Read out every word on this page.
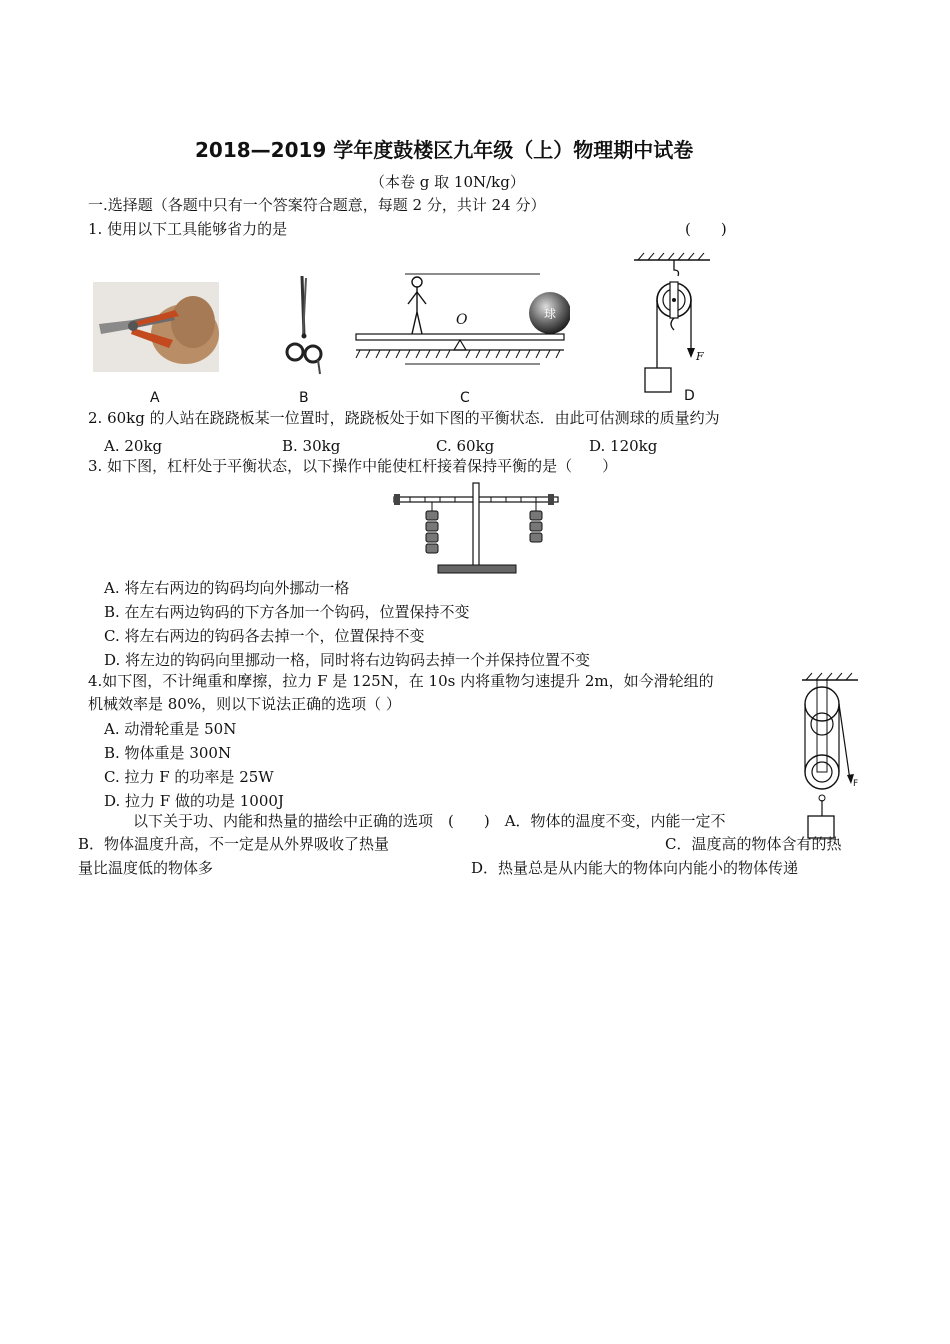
2018—2019 学年度鼓楼区九年级（上）物理期中试卷
（本卷 g 取 10N/kg）
一.选择题（各题中只有一个答案符合题意，每题 2 分，共计 24 分）
1. 使用以下工具能够省力的是	(　　)
A	B
球
O
C
F
D
2. 60kg 的人站在跷跷板某一位置时，跷跷板处于如下图的平衡状态．由此可估测球的质量约为
A. 20kg	B. 30kg	C. 60kg	D. 120kg
3. 如下图，杠杆处于平衡状态，以下操作中能使杠杆接着保持平衡的是（　　）
A. 将左右两边的钩码均向外挪动一格
B. 在左右两边钩码的下方各加一个钩码，位置保持不变
C. 将左右两边的钩码各去掉一个，位置保持不变
D. 将左边的钩码向里挪动一格，同时将右边钩码去掉一个并保持位置不变
4.如下图，不计绳重和摩擦，拉力 F 是 125N，在 10s 内将重物匀速提升 2m，如今滑轮组的
机械效率是 80%，则以下说法正确的选项（ ）
A. 动滑轮重是 50N
B. 物体重是 300N
C. 拉力 F 的功率是 25W
D. 拉力 F 做的功是 1000J
F
以下关于功、内能和热量的描绘中正确的选项　(　　)　A．物体的温度不变，内能一定不
B．物体温度升高，不一定是从外界吸收了热量	C．温度高的物体含有的热
量比温度低的物体多	D．热量总是从内能大的物体向内能小的物体传递
